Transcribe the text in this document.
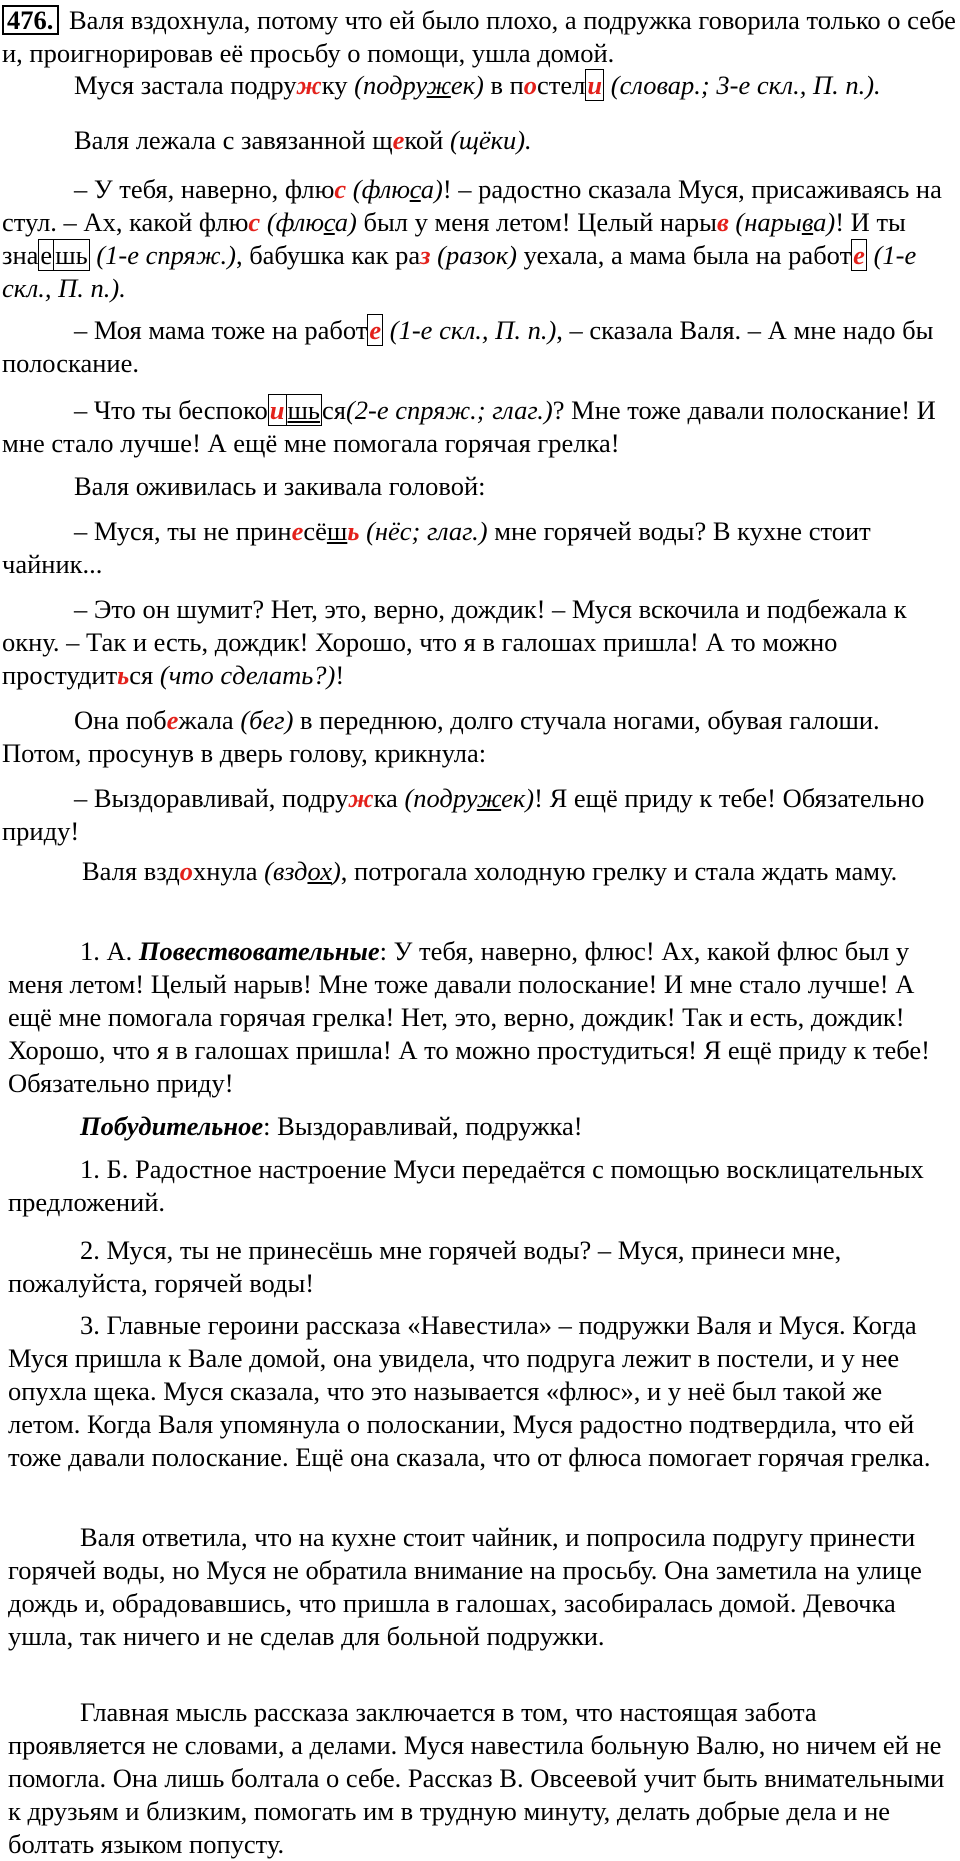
476. Валя вздохнула, потому что ей было плохо, а подружка говорила только о себе и, проигнорировав её просьбу о помощи, ушла домой.

Муся застала подружку (подружек) в постели (словар.; 3-е скл., П. п.).

Валя лежала с завязанной щекой (щёки).

– У тебя, наверно, флюс (флюса)! – радостно сказала Муся, присаживаясь на стул. – Ах, какой флюс (флюса) был у меня летом! Целый нарыв (нарыва)! И ты знае шь (1-е спряж.), бабушка как раз (разок) уехала, а мама была на работе (1-е скл., П. п.).

– Моя мама тоже на работе (1-е скл., П. п.), – сказала Валя. – А мне надо бы полоскание.

– Что ты беспокои шься(2-е спряж.; глаг.)? Мне тоже давали полоскание! И мне стало лучше! А ещё мне помогала горячая грелка!

Валя оживилась и закивала головой:

– Муся, ты не принесёшь (нёс; глаг.) мне горячей воды? В кухне стоит чайник...

– Это он шумит? Нет, это, верно, дождик! – Муся вскочила и подбежала к окну. – Так и есть, дождик! Хорошо, что я в галошах пришла! А то можно простудиться (что сделать?)!

Она побежала (бег) в переднюю, долго стучала ногами, обувая галоши. Потом, просунув в дверь голову, крикнула:

– Выздоравливай, подружка (подружек)! Я ещё приду к тебе! Обязательно приду!

Валя вздохнула (вздох), потрогала холодную грелку и стала ждать маму.

1. А. Повествовательные: У тебя, наверно, флюс! Ах, какой флюс был у меня летом! Целый нарыв! Мне тоже давали полоскание! И мне стало лучше! А ещё мне помогала горячая грелка! Нет, это, верно, дождик! Так и есть, дождик! Хорошо, что я в галошах пришла! А то можно простудиться! Я ещё приду к тебе! Обязательно приду!

Побудительное: Выздоравливай, подружка!

1. Б. Радостное настроение Муси передаётся с помощью восклицательных предложений.

2. Муся, ты не принесёшь мне горячей воды? – Муся, принеси мне, пожалуйста, горячей воды!

3. Главные героини рассказа «Навестила» – подружки Валя и Муся. Когда Муся пришла к Вале домой, она увидела, что подруга лежит в постели, и у нее опухла щека. Муся сказала, что это называется «флюс», и у неё был такой же летом. Когда Валя упомянула о полоскании, Муся радостно подтвердила, что ей тоже давали полоскание. Ещё она сказала, что от флюса помогает горячая грелка.

Валя ответила, что на кухне стоит чайник, и попросила подругу принести горячей воды, но Муся не обратила внимание на просьбу. Она заметила на улице дождь и, обрадовавшись, что пришла в галошах, засобиралась домой. Девочка ушла, так ничего и не сделав для больной подружки.

Главная мысль рассказа заключается в том, что настоящая забота проявляется не словами, а делами. Муся навестила больную Валю, но ничем ей не помогла. Она лишь болтала о себе. Рассказ В. Овсеевой учит быть внимательными к друзьям и близким, помогать им в трудную минуту, делать добрые дела и не болтать языком попусту.
